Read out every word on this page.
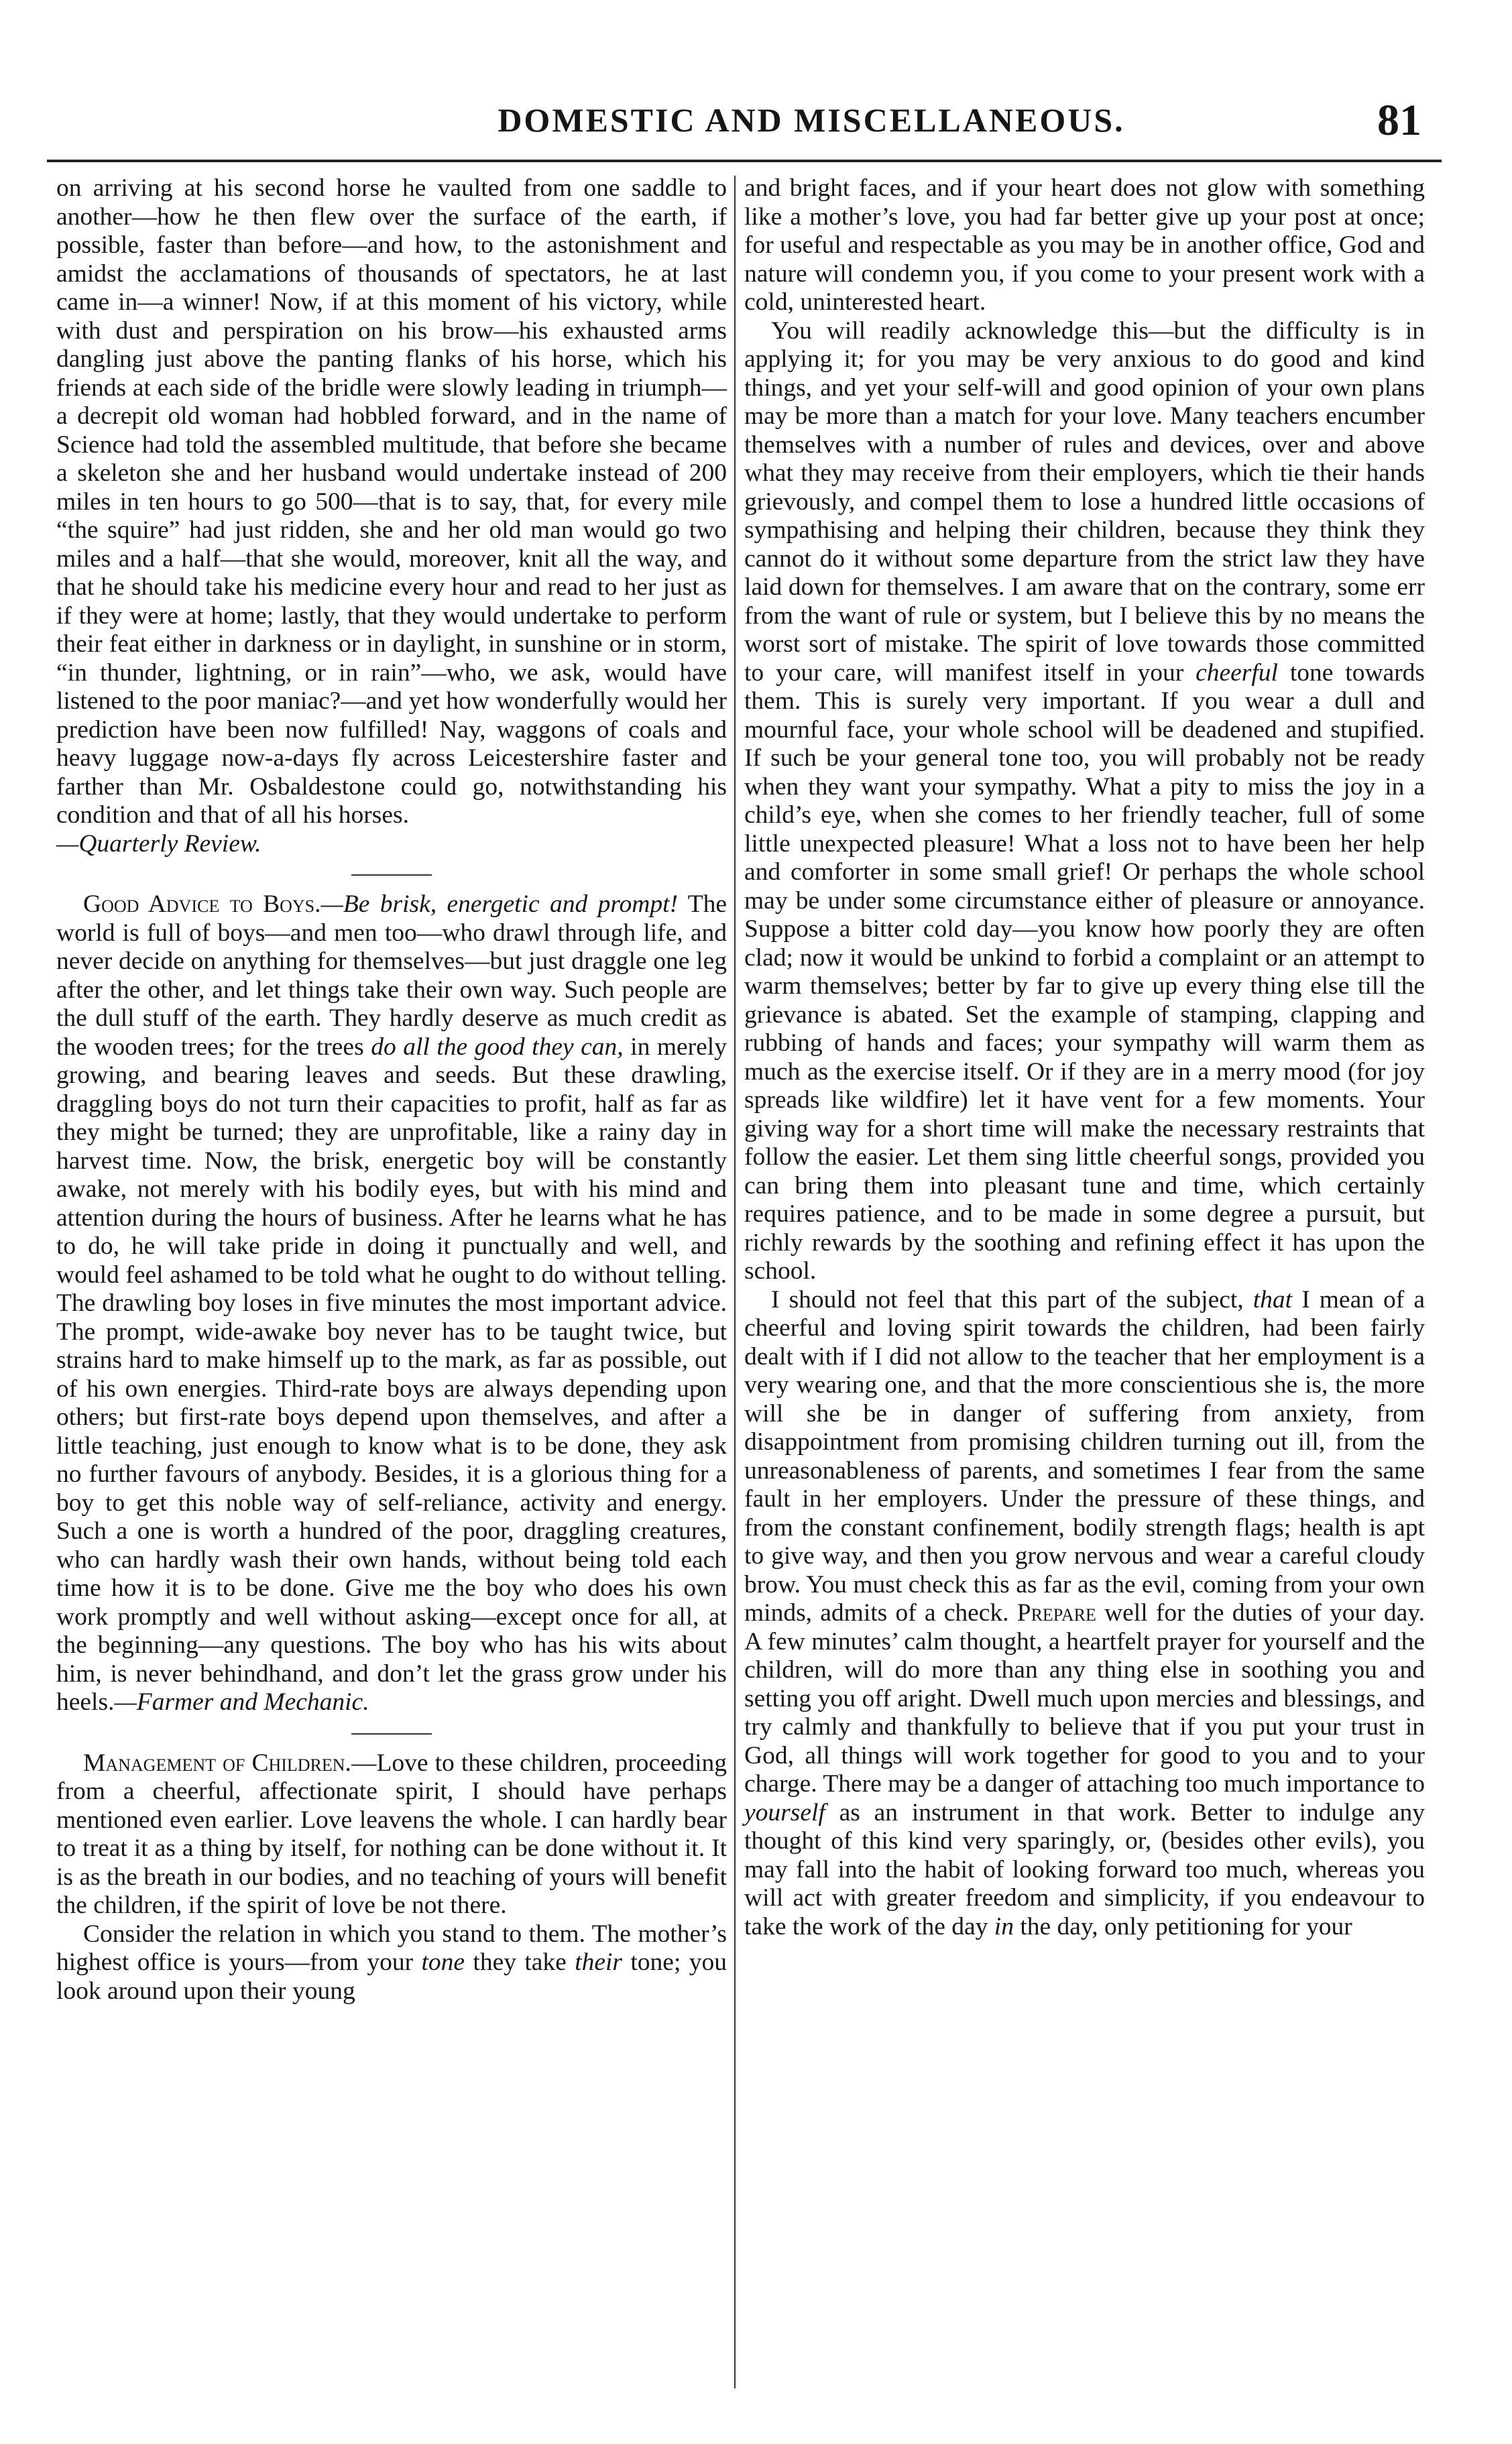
DOMESTIC AND MISCELLANEOUS.	81

on arriving at his second horse he vaulted from one saddle to another—how he then flew over the surface of the earth, if possible, faster than before—and how, to the astonishment and amidst the acclamations of thousands of spectators, he at last came in—a winner! Now, if at this moment of his victory, while with dust and perspiration on his brow—his exhausted arms dangling just above the panting flanks of his horse, which his friends at each side of the bridle were slowly leading in triumph—a decrepit old woman had hobbled forward, and in the name of Science had told the assembled multitude, that before she became a skeleton she and her husband would undertake instead of 200 miles in ten hours to go 500—that is to say, that, for every mile “the squire” had just ridden, she and her old man would go two miles and a half—that she would, moreover, knit all the way, and that he should take his medicine every hour and read to her just as if they were at home; lastly, that they would undertake to perform their feat either in darkness or in daylight, in sunshine or in storm, “in thunder, lightning, or in rain”—who, we ask, would have listened to the poor maniac?—and yet how wonderfully would her prediction have been now fulfilled! Nay, waggons of coals and heavy luggage now-a-days fly across Leicestershire faster and farther than Mr. Osbaldestone could go, notwithstanding his condition and that of all his horses.
—Quarterly Review.

Good Advice to Boys.—Be brisk, energetic and prompt! The world is full of boys—and men too—who drawl through life, and never decide on anything for themselves—but just draggle one leg after the other, and let things take their own way. Such people are the dull stuff of the earth. They hardly deserve as much credit as the wooden trees; for the trees do all the good they can, in merely growing, and bearing leaves and seeds. But these drawling, draggling boys do not turn their capacities to profit, half as far as they might be turned; they are unprofitable, like a rainy day in harvest time. Now, the brisk, energetic boy will be constantly awake, not merely with his bodily eyes, but with his mind and attention during the hours of business. After he learns what he has to do, he will take pride in doing it punctually and well, and would feel ashamed to be told what he ought to do without telling. The drawling boy loses in five minutes the most important advice. The prompt, wide-awake boy never has to be taught twice, but strains hard to make himself up to the mark, as far as possible, out of his own energies. Third-rate boys are always depending upon others; but first-rate boys depend upon themselves, and after a little teaching, just enough to know what is to be done, they ask no further favours of anybody. Besides, it is a glorious thing for a boy to get this noble way of self-reliance, activity and energy. Such a one is worth a hundred of the poor, draggling creatures, who can hardly wash their own hands, without being told each time how it is to be done. Give me the boy who does his own work promptly and well without asking—except once for all, at the beginning—any questions. The boy who has his wits about him, is never behindhand, and don’t let the grass grow under his heels.—Farmer and Mechanic.

Management of Children.—Love to these children, proceeding from a cheerful, affectionate spirit, I should have perhaps mentioned even earlier. Love leavens the whole. I can hardly bear to treat it as a thing by itself, for nothing can be done without it. It is as the breath in our bodies, and no teaching of yours will benefit the children, if the spirit of love be not there.

Consider the relation in which you stand to them. The mother’s highest office is yours—from your tone they take their tone; you look around upon their young

and bright faces, and if your heart does not glow with something like a mother’s love, you had far better give up your post at once; for useful and respectable as you may be in another office, God and nature will condemn you, if you come to your present work with a cold, uninterested heart.

You will readily acknowledge this—but the difficulty is in applying it; for you may be very anxious to do good and kind things, and yet your self-will and good opinion of your own plans may be more than a match for your love. Many teachers encumber themselves with a number of rules and devices, over and above what they may receive from their employers, which tie their hands grievously, and compel them to lose a hundred little occasions of sympathising and helping their children, because they think they cannot do it without some departure from the strict law they have laid down for themselves. I am aware that on the contrary, some err from the want of rule or system, but I believe this by no means the worst sort of mistake. The spirit of love towards those committed to your care, will manifest itself in your cheerful tone towards them. This is surely very important. If you wear a dull and mournful face, your whole school will be deadened and stupified. If such be your general tone too, you will probably not be ready when they want your sympathy. What a pity to miss the joy in a child’s eye, when she comes to her friendly teacher, full of some little unexpected pleasure! What a loss not to have been her help and comforter in some small grief! Or perhaps the whole school may be under some circumstance either of pleasure or annoyance. Suppose a bitter cold day—you know how poorly they are often clad; now it would be unkind to forbid a complaint or an attempt to warm themselves; better by far to give up every thing else till the grievance is abated. Set the example of stamping, clapping and rubbing of hands and faces; your sympathy will warm them as much as the exercise itself. Or if they are in a merry mood (for joy spreads like wildfire) let it have vent for a few moments. Your giving way for a short time will make the necessary restraints that follow the easier. Let them sing little cheerful songs, provided you can bring them into pleasant tune and time, which certainly requires patience, and to be made in some degree a pursuit, but richly rewards by the soothing and refining effect it has upon the school.

I should not feel that this part of the subject, that I mean of a cheerful and loving spirit towards the children, had been fairly dealt with if I did not allow to the teacher that her employment is a very wearing one, and that the more conscientious she is, the more will she be in danger of suffering from anxiety, from disappointment from promising children turning out ill, from the unreasonableness of parents, and sometimes I fear from the same fault in her employers. Under the pressure of these things, and from the constant confinement, bodily strength flags; health is apt to give way, and then you grow nervous and wear a careful cloudy brow. You must check this as far as the evil, coming from your own minds, admits of a check. Prepare well for the duties of your day. A few minutes’ calm thought, a heartfelt prayer for yourself and the children, will do more than any thing else in soothing you and setting you off aright. Dwell much upon mercies and blessings, and try calmly and thankfully to believe that if you put your trust in God, all things will work together for good to you and to your charge. There may be a danger of attaching too much importance to yourself as an instrument in that work. Better to indulge any thought of this kind very sparingly, or, (besides other evils), you may fall into the habit of looking forward too much, whereas you will act with greater freedom and simplicity, if you endeavour to take the work of the day in the day, only petitioning for your
